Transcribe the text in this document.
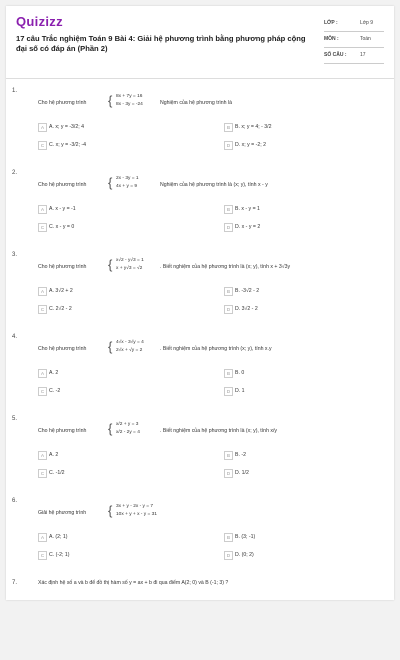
Quizizz
17 câu Trắc nghiệm Toán 9 Bài 4: Giải hệ phương trình bằng phương pháp cộng đại số có đáp án (Phần 2)
LỚP :	Lớp 9
MÔN :	Toán
SỐ CÂU :	17
1.
Cho hệ phương trình { 8x + 7y = 16
8x - 3y = -24	Nghiệm của hệ phương trình là
A A. x; y = -3/2; 4	B B. x; y = 4; - 3/2
C C. x; y = -3/2; -4	D D. x; y = -2; 2
2.
Cho hệ phương trình { 2x - 3y = 1
4x + y = 9	Nghiệm của hệ phương trình là (x; y), tính x - y
A A. x - y = -1	B B. x - y = 1
C C. x - y = 0	D D. x - y = 2
3.
Cho hệ phương trình { x√2 - y√3 = 1
x + y√3 = √2	. Biết nghiệm của hệ phương trình là (x; y), tính x + 3√3y
A A. 3√2 + 2	B B. -3√2 - 2
C C. 2√2 - 2	D D. 3√2 - 2
4.
Cho hệ phương trình { 4√x - 3√y = 4
2√x + √y = 2	. Biết nghiệm của hệ phương trình (x; y), tính x.y
A A. 2	B B. 0
C C. -2	D D. 1
5.
Cho hệ phương trình { x/2 + y = 3
x/2 - 2y = 4	. Biết nghiệm của hệ phương trình là (x; y), tính x/y
A A. 2	B B. -2
C C. -1/2	D D. 1/2
6.
Giải hệ phương trình { 3x + y - 2x - y = 7
10x + y + x - y = 31
A A. (2; 1)	B B. (3; -1)
C C. (-2; 1)	D D. (0; 2)
7.	Xác định hệ số a và b để đồ thị hàm số y = ax + b đi qua điểm A(2; 0) và B (-1; 3) ?
